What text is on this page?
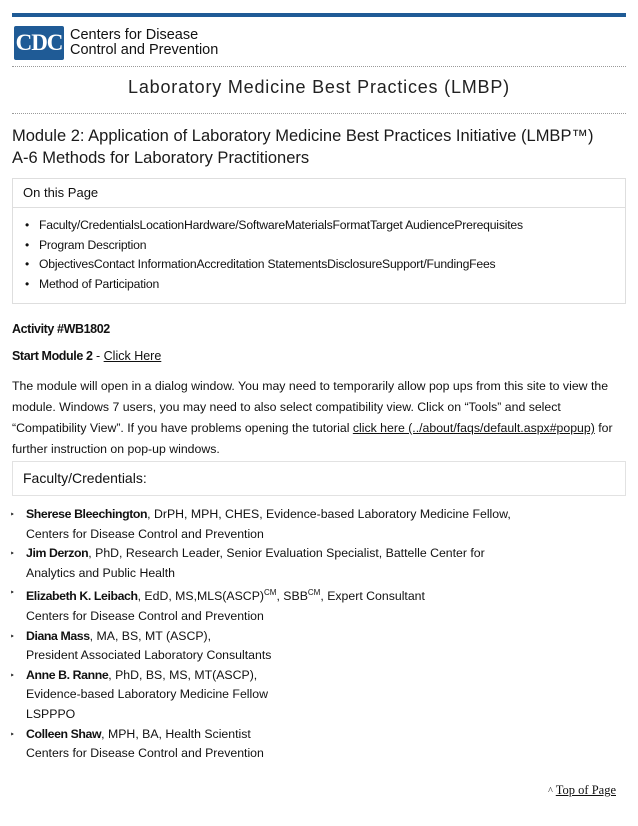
CDC Centers for Disease
Control and Prevention
Laboratory Medicine Best Practices (LMBP)
Module 2: Application of Laboratory Medicine Best Practices Initiative (LMBP™)
A-6 Methods for Laboratory Practitioners
On this Page
• Faculty/CredentialsLocationHardware/SoftwareMaterialsFormatTarget AudiencePrerequisites
• Program Description
• ObjectivesContact InformationAccreditation StatementsDisclosureSupport/FundingFees
• Method of Participation
Activity #WB1802
Start Module 2 - Click Here
The module will open in a dialog window. You may need to temporarily allow pop ups from this site to view the module. Windows 7 users, you may need to also select compatibility view. Click on “Tools” and select “Compatibility View”. If you have problems opening the tutorial click here (../about/faqs/default.aspx#popup) for further instruction on pop-up windows.
Faculty/Credentials:
‣ Sherese Bleechington, DrPH, MPH, CHES, Evidence-based Laboratory Medicine Fellow,
Centers for Disease Control and Prevention
‣ Jim Derzon, PhD, Research Leader, Senior Evaluation Specialist, Battelle Center for
Analytics and Public Health
‣ Elizabeth K. Leibach, EdD, MS,MLS(ASCP)$^{CM}$, $SBB^{CM}$, Expert Consultant
Centers for Disease Control and Prevention
‣ Diana Mass, MA, BS, MT (ASCP),
President Associated Laboratory Consultants
‣ Anne B. Ranne, PhD, BS, MS, MT(ASCP),
Evidence-based Laboratory Medicine Fellow
LSPPPO
‣ Colleen Shaw, MPH, BA, Health Scientist
Centers for Disease Control and Prevention
^ Top of Page
